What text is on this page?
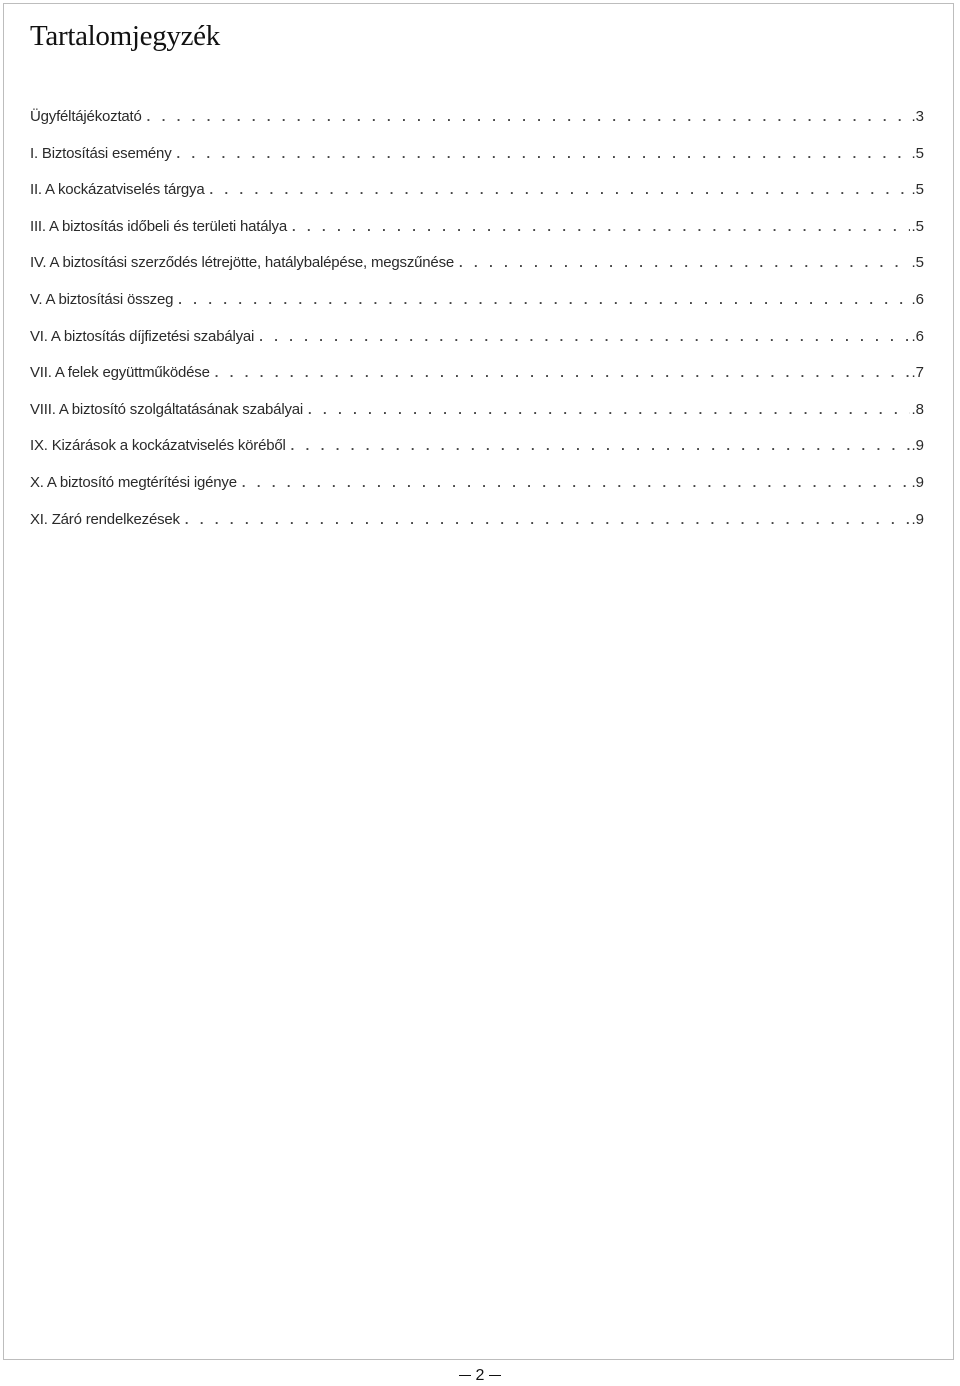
Tartalomjegyzék
Ügyféltájékoztató . . .	.3
I. Biztosítási esemény . . .	.5
II. A kockázatviselés tárgya . . .	.5
III. A biztosítás időbeli és területi hatálya . . .	.5
IV. A biztosítási szerződés létrejötte, hatálybalépése, megszűnése . . .	.5
V. A biztosítási összeg . . .	.6
VI. A biztosítás díjfizetési szabályai . . .	.6
VII. A felek együttműködése . . .	.7
VIII. A biztosító szolgáltatásának szabályai . . .	.8
IX. Kizárások a kockázatviselés köréből . . .	.9
X. A biztosító megtérítési igénye . . .	.9
XI. Záró rendelkezések . . .	.9
2
